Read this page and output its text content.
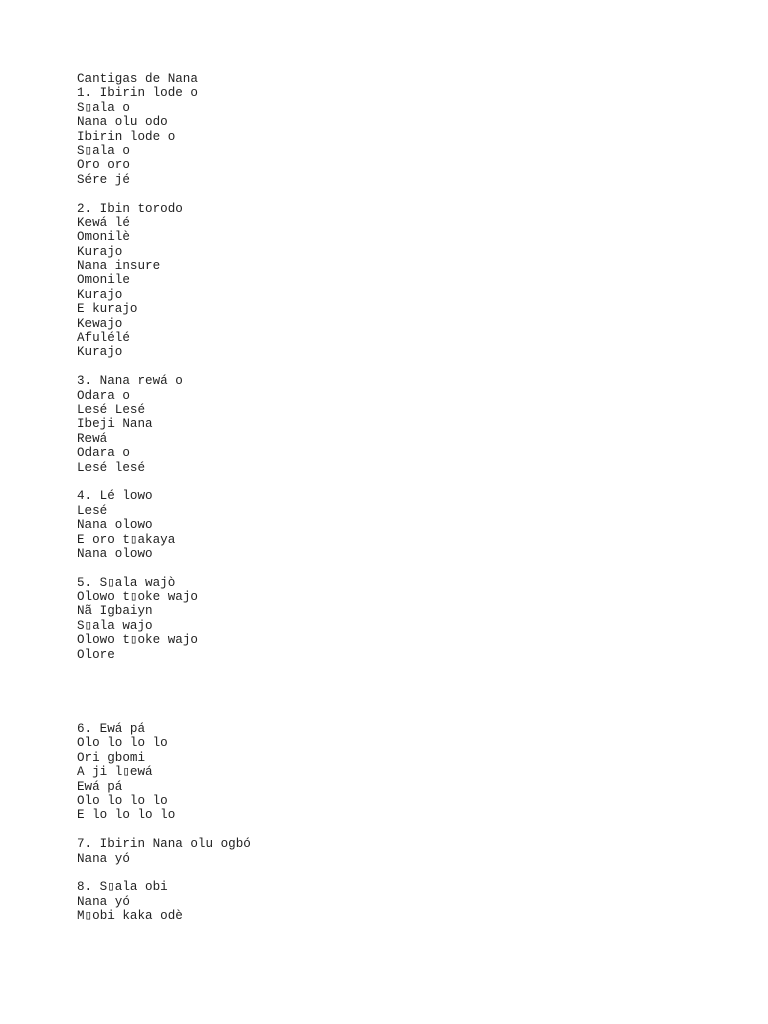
Cantigas de Nana
1. Ibirin lode o
S▯ala o
Nana olu odo
Ibirin lode o
S▯ala o
Oro oro
Sére jé
2. Ibin torodo
Kewá lé
Omonilè
Kurajo
Nana insure
Omonile
Kurajo
E kurajo
Kewajo
Afulélé
Kurajo
3. Nana rewá o
Odara o
Lesé Lesé
Ibeji Nana
Rewá
Odara o
Lesé lesé
4. Lé lowo
Lesé
Nana olowo
E oro t▯akaya
Nana olowo
5. S▯ala wajò
Olowo t▯oke wajo
Nã Igbaiyn
S▯ala wajo
Olowo t▯oke wajo
Olore
6. Ewá pá
Olo lo lo lo
Ori gbomi
A ji l▯ewá
Ewá pá
Olo lo lo lo
E lo lo lo lo
7. Ibirin Nana olu ogbó
Nana yó
8. S▯ala obi
Nana yó
M▯obi kaka odè
